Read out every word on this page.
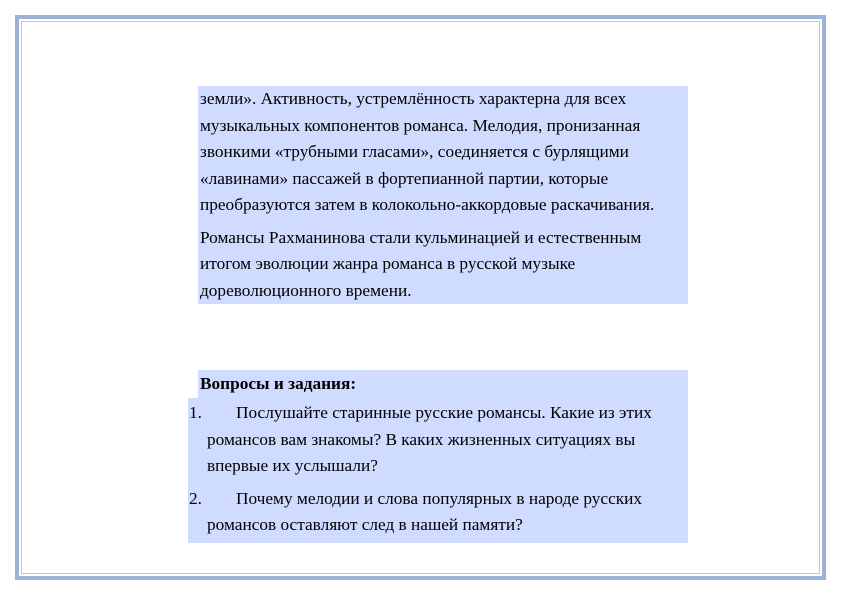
земли». Активность, устремлённость характерна для всех музыкальных компонентов романса. Мелодия, пронизанная звонкими «трубными гласами», соединяется с бурлящими «лавинами» пассажей в фортепианной партии, которые преобразуются затем в колокольно-аккордовые раскачивания.

Романсы Рахманинова стали кульминацией и естественным итогом эволюции жанра романса в русской музыке дореволюционного времени.

Вопросы и задания:
1.	Послушайте старинные русские романсы. Какие из этих романсов вам знакомы? В каких жизненных ситуациях вы впервые их услышали?
2.	Почему мелодии и слова популярных в народе русских романсов оставляют след в нашей памяти?
